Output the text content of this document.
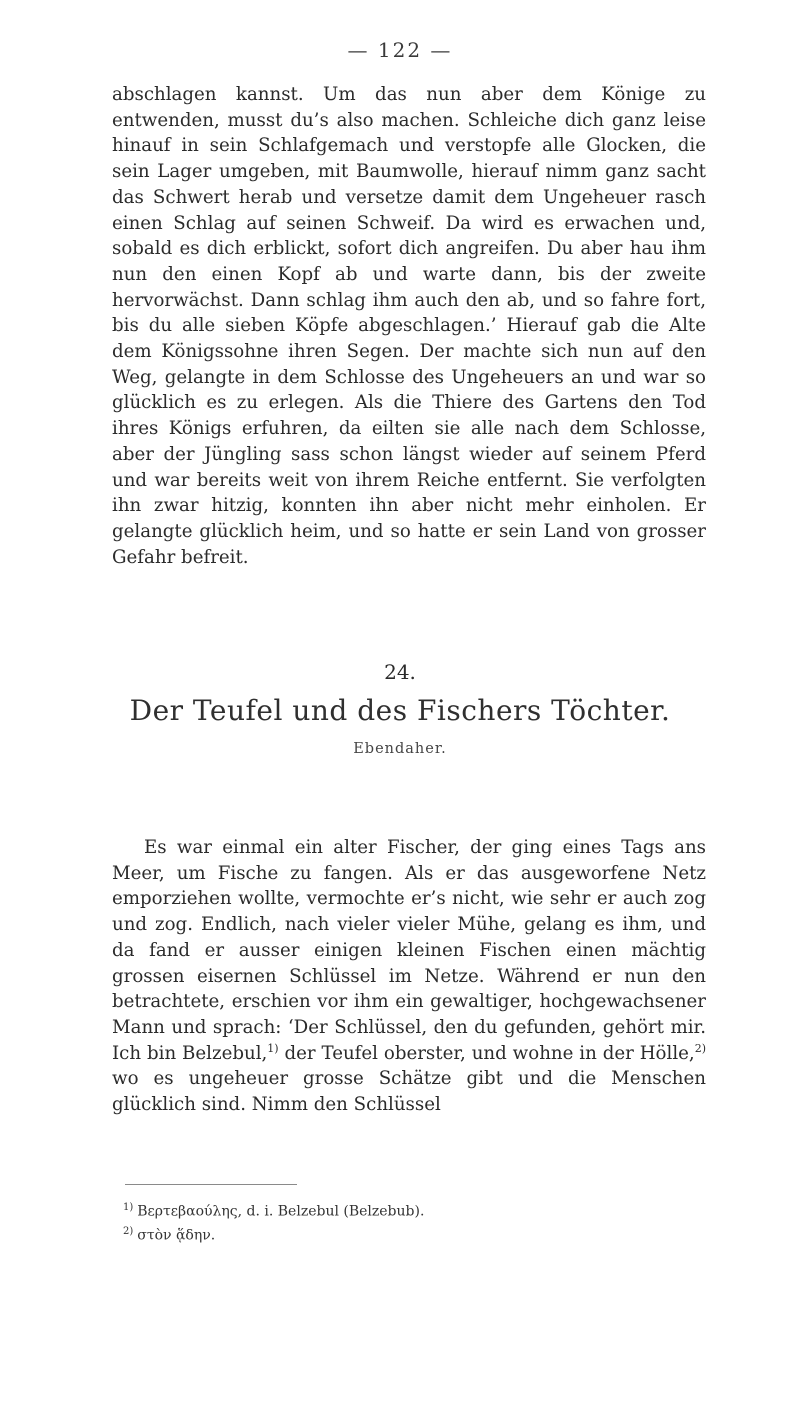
— 122 —

abschlagen kannst. Um das nun aber dem Könige zu entwenden, musst du’s also machen. Schleiche dich ganz leise hinauf in sein Schlafgemach und verstopfe alle Glocken, die sein Lager umgeben, mit Baumwolle, hierauf nimm ganz sacht das Schwert herab und versetze damit dem Ungeheuer rasch einen Schlag auf seinen Schweif. Da wird es erwachen und, sobald es dich erblickt, sofort dich angreifen. Du aber hau ihm nun den einen Kopf ab und warte dann, bis der zweite hervorwächst. Dann schlag ihm auch den ab, und so fahre fort, bis du alle sieben Köpfe abgeschlagen.’ Hierauf gab die Alte dem Königssohne ihren Segen. Der machte sich nun auf den Weg, gelangte in dem Schlosse des Ungeheuers an und war so glücklich es zu erlegen. Als die Thiere des Gartens den Tod ihres Königs erfuhren, da eilten sie alle nach dem Schlosse, aber der Jüngling sass schon längst wieder auf seinem Pferd und war bereits weit von ihrem Reiche entfernt. Sie verfolgten ihn zwar hitzig, konnten ihn aber nicht mehr einholen. Er gelangte glücklich heim, und so hatte er sein Land von grosser Gefahr befreit.

24.
Der Teufel und des Fischers Töchter.
Ebendaher.

Es war einmal ein alter Fischer, der ging eines Tags ans Meer, um Fische zu fangen. Als er das ausgeworfene Netz emporziehen wollte, vermochte er’s nicht, wie sehr er auch zog und zog. Endlich, nach vieler vieler Mühe, gelang es ihm, und da fand er ausser einigen kleinen Fischen einen mächtig grossen eisernen Schlüssel im Netze. Während er nun den betrachtete, erschien vor ihm ein gewaltiger, hochgewachsener Mann und sprach: ‘Der Schlüssel, den du gefunden, gehört mir. Ich bin Belzebul,$^{1)}$ der Teufel oberster, und wohne in der Hölle,$^{2)}$ wo es ungeheuer grosse Schätze gibt und die Menschen glücklich sind. Nimm den Schlüssel

$^{1)}$ Βερτεβαούλης, d. i. Belzebul (Belzebub).
$^{2)}$ στὸν ᾅδην.
